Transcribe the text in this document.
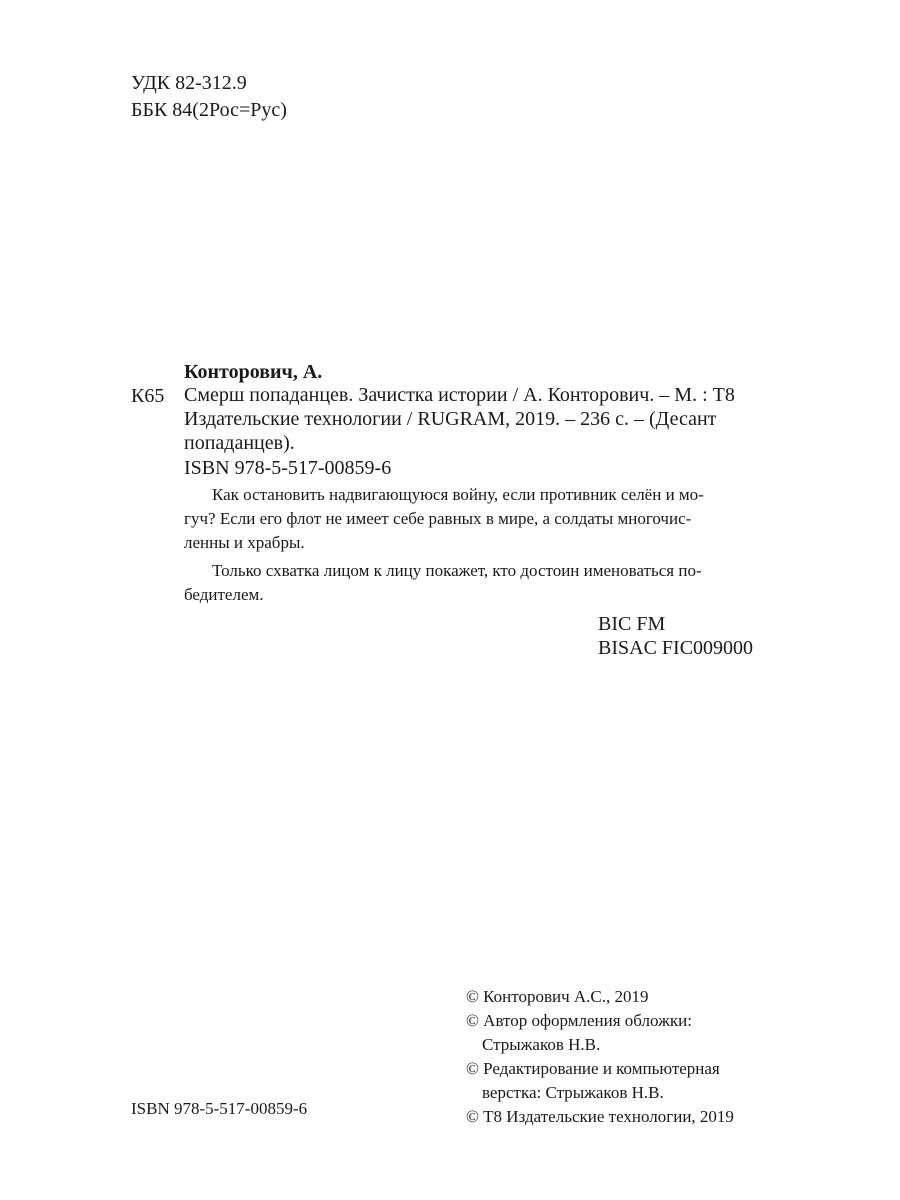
УДК 82-312.9
ББК 84(2Рос=Рус)
Конторович, А.
К65 Смерш попаданцев. Зачистка истории / А. Конторович. – М. : Т8
Издательские технологии / RUGRAM, 2019. – 236 с. – (Десант
попаданцев).
ISBN 978-5-517-00859-6
Как остановить надвигающуюся войну, если противник селён и мо-
гуч? Если его флот не имеет себе равных в мире, а солдаты многочис-
ленны и храбры.
Только схватка лицом к лицу покажет, кто достоин именоваться по-
бедителем.
BIC FM
BISAC FIC009000
© Конторович А.С., 2019
© Автор оформления обложки:
Стрыжаков Н.В.
© Редактирование и компьютерная
верстка: Стрыжаков Н.В.
© Т8 Издательские технологии, 2019
ISBN 978-5-517-00859-6
